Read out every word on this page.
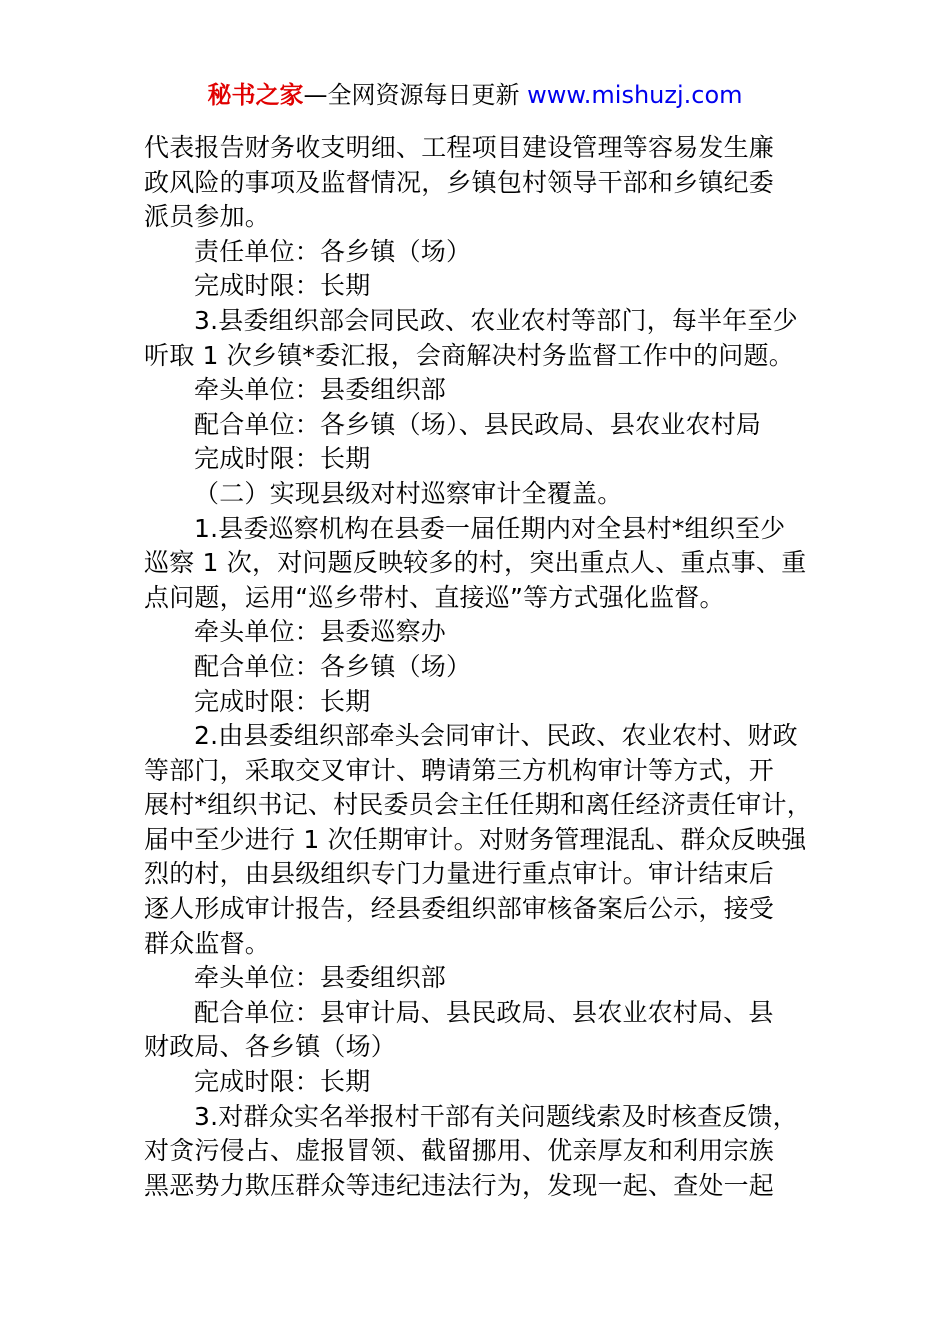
秘书之家—全网资源每日更新 www.mishuzj.com
代表报告财务收支明细、工程项目建设管理等容易发生廉
政风险的事项及监督情况，乡镇包村领导干部和乡镇纪委
派员参加。
责任单位：各乡镇（场）
完成时限：长期
3.县委组织部会同民政、农业农村等部门，每半年至少
听取 1 次乡镇*委汇报，会商解决村务监督工作中的问题。
牵头单位：县委组织部
配合单位：各乡镇（场）、县民政局、县农业农村局
完成时限：长期
（二）实现县级对村巡察审计全覆盖。
1.县委巡察机构在县委一届任期内对全县村*组织至少
巡察 1 次，对问题反映较多的村，突出重点人、重点事、重
点问题，运用“巡乡带村、直接巡”等方式强化监督。
牵头单位：县委巡察办
配合单位：各乡镇（场）
完成时限：长期
2.由县委组织部牵头会同审计、民政、农业农村、财政
等部门，采取交叉审计、聘请第三方机构审计等方式，开
展村*组织书记、村民委员会主任任期和离任经济责任审计，
届中至少进行 1 次任期审计。对财务管理混乱、群众反映强
烈的村，由县级组织专门力量进行重点审计。审计结束后
逐人形成审计报告，经县委组织部审核备案后公示，接受
群众监督。
牵头单位：县委组织部
配合单位：县审计局、县民政局、县农业农村局、县
财政局、各乡镇（场）
完成时限：长期
3.对群众实名举报村干部有关问题线索及时核查反馈，
对贪污侵占、虚报冒领、截留挪用、优亲厚友和利用宗族
黑恶势力欺压群众等违纪违法行为，发现一起、查处一起
